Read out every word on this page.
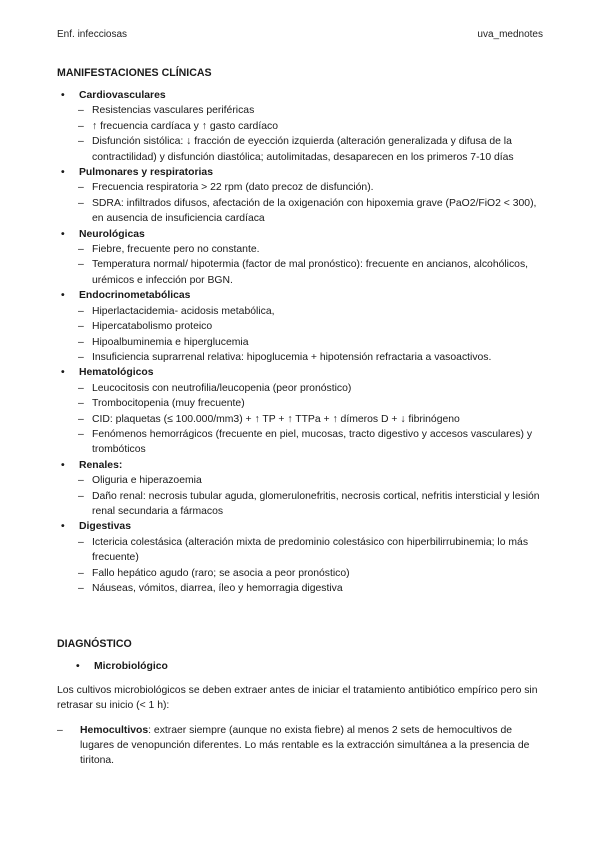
Enf. infecciosas	uva_mednotes
MANIFESTACIONES CLÍNICAS
• Cardiovasculares
– Resistencias vasculares periféricas
– ↑ frecuencia cardíaca y ↑ gasto cardíaco
– Disfunción sistólica: ↓ fracción de eyección izquierda (alteración generalizada y difusa de la contractilidad) y disfunción diastólica; autolimitadas, desaparecen en los primeros 7-10 días
• Pulmonares y respiratorias
– Frecuencia respiratoria > 22 rpm (dato precoz de disfunción).
– SDRA: infiltrados difusos, afectación de la oxigenación con hipoxemia grave (PaO2/FiO2 < 300), en ausencia de insuficiencia cardíaca
• Neurológicas
– Fiebre, frecuente pero no constante.
– Temperatura normal/ hipotermia (factor de mal pronóstico): frecuente en ancianos, alcohólicos, urémicos e infección por BGN.
• Endocrinometabólicas
– Hiperlactacidemia- acidosis metabólica,
– Hipercatabolismo proteico
– Hipoalbuminemia e hiperglucemia
– Insuficiencia suprarrenal relativa: hipoglucemia + hipotensión refractaria a vasoactivos.
• Hematológicos
– Leucocitosis con neutrofilia/leucopenia (peor pronóstico)
– Trombocitopenia (muy frecuente)
– CID: plaquetas (≤ 100.000/mm3) + ↑ TP + ↑ TTPa + ↑ dímeros D + ↓ fibrinógeno
– Fenómenos hemorrágicos (frecuente en piel, mucosas, tracto digestivo y accesos vasculares) y trombóticos
• Renales:
– Oliguria e hiperazoemia
– Daño renal: necrosis tubular aguda, glomerulonefritis, necrosis cortical, nefritis intersticial y lesión renal secundaria a fármacos
• Digestivas
– Ictericia colestásica (alteración mixta de predominio colestásico con hiperbilirrubinemia; lo más frecuente)
– Fallo hepático agudo (raro; se asocia a peor pronóstico)
– Náuseas, vómitos, diarrea, íleo y hemorragia digestiva
DIAGNÓSTICO
• Microbiológico

Los cultivos microbiológicos se deben extraer antes de iniciar el tratamiento antibiótico empírico pero sin retrasar su inicio (< 1 h):

– Hemocultivos: extraer siempre (aunque no exista fiebre) al menos 2 sets de hemocultivos de lugares de venopunción diferentes. Lo más rentable es la extracción simultánea a la presencia de tiritona.
